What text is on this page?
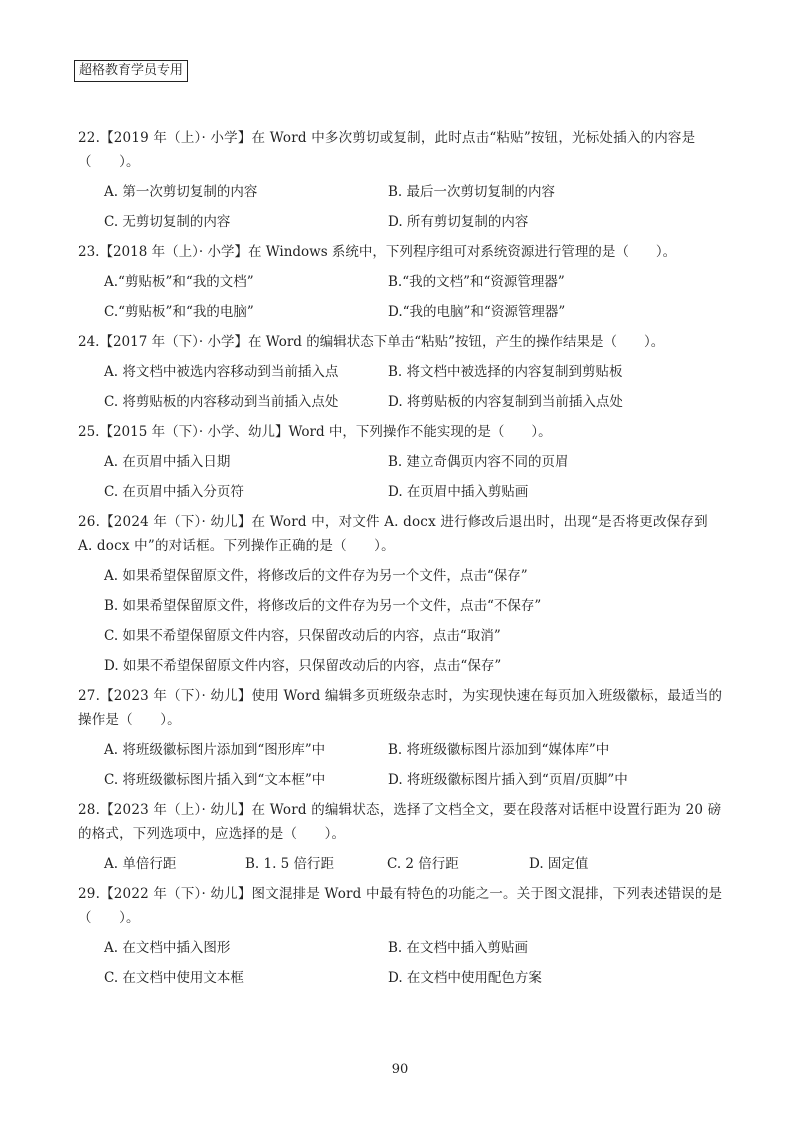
超格教育学员专用
22.【2019 年（上）· 小学】在 Word 中多次剪切或复制，此时点击“粘贴”按钮，光标处插入的内容是（　　）。
A. 第一次剪切复制的内容	B. 最后一次剪切复制的内容
C. 无剪切复制的内容	D. 所有剪切复制的内容
23.【2018 年（上）· 小学】在 Windows 系统中，下列程序组可对系统资源进行管理的是（　　）。
A.“剪贴板”和“我的文档”	B.“我的文档”和“资源管理器”
C.“剪贴板”和“我的电脑”	D.“我的电脑”和“资源管理器”
24.【2017 年（下）· 小学】在 Word 的编辑状态下单击“粘贴”按钮，产生的操作结果是（　　）。
A. 将文档中被选内容移动到当前插入点	B. 将文档中被选择的内容复制到剪贴板
C. 将剪贴板的内容移动到当前插入点处	D. 将剪贴板的内容复制到当前插入点处
25.【2015 年（下）· 小学、幼儿】Word 中，下列操作不能实现的是（　　）。
A. 在页眉中插入日期	B. 建立奇偶页内容不同的页眉
C. 在页眉中插入分页符	D. 在页眉中插入剪贴画
26.【2024 年（下）· 幼儿】在 Word 中，对文件 A. docx 进行修改后退出时，出现“是否将更改保存到 A. docx 中”的对话框。下列操作正确的是（　　）。
A. 如果希望保留原文件，将修改后的文件存为另一个文件，点击“保存”
B. 如果希望保留原文件，将修改后的文件存为另一个文件，点击“不保存”
C. 如果不希望保留原文件内容，只保留改动后的内容，点击“取消”
D. 如果不希望保留原文件内容，只保留改动后的内容，点击“保存”
27.【2023 年（下）· 幼儿】使用 Word 编辑多页班级杂志时，为实现快速在每页加入班级徽标，最适当的操作是（　　）。
A. 将班级徽标图片添加到“图形库”中	B. 将班级徽标图片添加到“媒体库”中
C. 将班级徽标图片插入到“文本框”中	D. 将班级徽标图片插入到“页眉/页脚”中
28.【2023 年（上）· 幼儿】在 Word 的编辑状态，选择了文档全文，要在段落对话框中设置行距为 20 磅的格式，下列选项中，应选择的是（　　）。
A. 单倍行距	B. 1. 5 倍行距	C. 2 倍行距	D. 固定值
29.【2022 年（下）· 幼儿】图文混排是 Word 中最有特色的功能之一。关于图文混排，下列表述错误的是（　　）。
A. 在文档中插入图形	B. 在文档中插入剪贴画
C. 在文档中使用文本框	D. 在文档中使用配色方案
90
